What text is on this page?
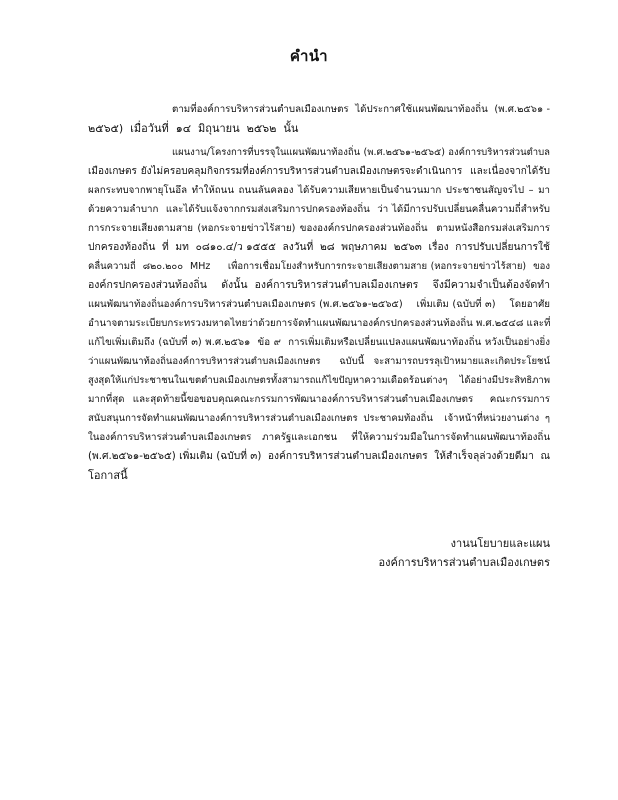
คำนำ
ตามที่องค์การบริหารส่วนตำบลเมืองเกษตร  ได้ประกาศใช้แผนพัฒนาท้องถิ่น  (พ.ศ.๒๕๖๑ -
๒๕๖๕)  เมื่อวันที่  ๑๔  มิถุนายน  ๒๕๖๒  นั้น
แผนงาน/โครงการที่บรรจุในแผนพัฒนาท้องถิ่น (พ.ศ.๒๕๖๑-๒๕๖๕) องค์การบริหารส่วนตำบล
เมืองเกษตร ยังไม่ครอบคลุมกิจกรรมที่องค์การบริหารส่วนตำบลเมืองเกษตรจะดำเนินการ  และเนื่องจากได้รับ
ผลกระทบจากพายุโนอึล ทำให้ถนน ถนนลันคลอง ได้รับความเสียหายเป็นจำนวนมาก ประชาชนสัญจรไป – มา
ด้วยความลำบาก  และได้รับแจ้งจากกรมส่งเสริมการปกครองท้องถิ่น  ว่า ได้มีการปรับเปลี่ยนคลื่นความถี่สำหรับ
การกระจายเสียงตามสาย (หอกระจายข่าวไร้สาย) ขององค์กรปกครองส่วนท้องถิ่น  ตามหนังสือกรมส่งเสริมการ
ปกครองท้องถิ่น  ที่  มท  ๐๘๑๐.๔/ว ๑๕๕๕  ลงวันที่  ๒๘  พฤษภาคม  ๒๕๖๓  เรื่อง  การปรับเปลี่ยนการใช้
คลื่นความถี่  ๘๒๐.๒๐๐  MHz     เพื่อการเชื่อมโยงสำหรับการกระจายเสียงตามสาย (หอกระจายข่าวไร้สาย)  ของ
องค์กรปกครองส่วนท้องถิ่น    ดังนั้น  องค์การบริหารส่วนตำบลเมืองเกษตร    จึงมีความจำเป็นต้องจัดทำ
แผนพัฒนาท้องถิ่นองค์การบริหารส่วนตำบลเมืองเกษตร (พ.ศ.๒๕๖๑-๒๕๖๕)    เพิ่มเติม (ฉบับที่ ๓)    โดยอาศัย
อำนาจตามระเบียบกระทรวงมหาดไทยว่าด้วยการจัดทำแผนพัฒนาองค์กรปกครองส่วนท้องถิ่น พ.ศ.๒๕๔๘ และที่
แก้ไขเพิ่มเติมถึง (ฉบับที่ ๓) พ.ศ.๒๕๖๑  ข้อ ๙  การเพิ่มเติมหรือเปลี่ยนแปลงแผนพัฒนาท้องถิ่น หวังเป็นอย่างยิ่ง
ว่าแผนพัฒนาท้องถิ่นองค์การบริหารส่วนตำบลเมืองเกษตร    ฉบับนี้  จะสามารถบรรลุเป้าหมายและเกิดประโยชน์
สูงสุดให้แก่ประชาชนในเขตตำบลเมืองเกษตรทั้งสามารถแก้ไขปัญหาความเดือดร้อนต่างๆ ได้อย่างมีประสิทธิภาพ
มากที่สุด  และสุดท้ายนี้ขอขอบคุณคณะกรรมการพัฒนาองค์การบริหารส่วนตำบลเมืองเกษตร    คณะกรรมการ
สนับสนุนการจัดทำแผนพัฒนาองค์การบริหารส่วนตำบลเมืองเกษตร ประชาคมท้องถิ่น  เจ้าหน้าที่หน่วยงานต่าง ๆ
ในองค์การบริหารส่วนตำบลเมืองเกษตร   ภาครัฐและเอกชน    ที่ให้ความร่วมมือในการจัดทำแผนพัฒนาท้องถิ่น
(พ.ศ.๒๕๖๑-๒๕๖๕) เพิ่มเติม (ฉบับที่ ๓)  องค์การบริหารส่วนตำบลเมืองเกษตร  ให้สำเร็จลุล่วงด้วยดีมา  ณ
โอกาสนี้
งานนโยบายและแผน
องค์การบริหารส่วนตำบลเมืองเกษตร
